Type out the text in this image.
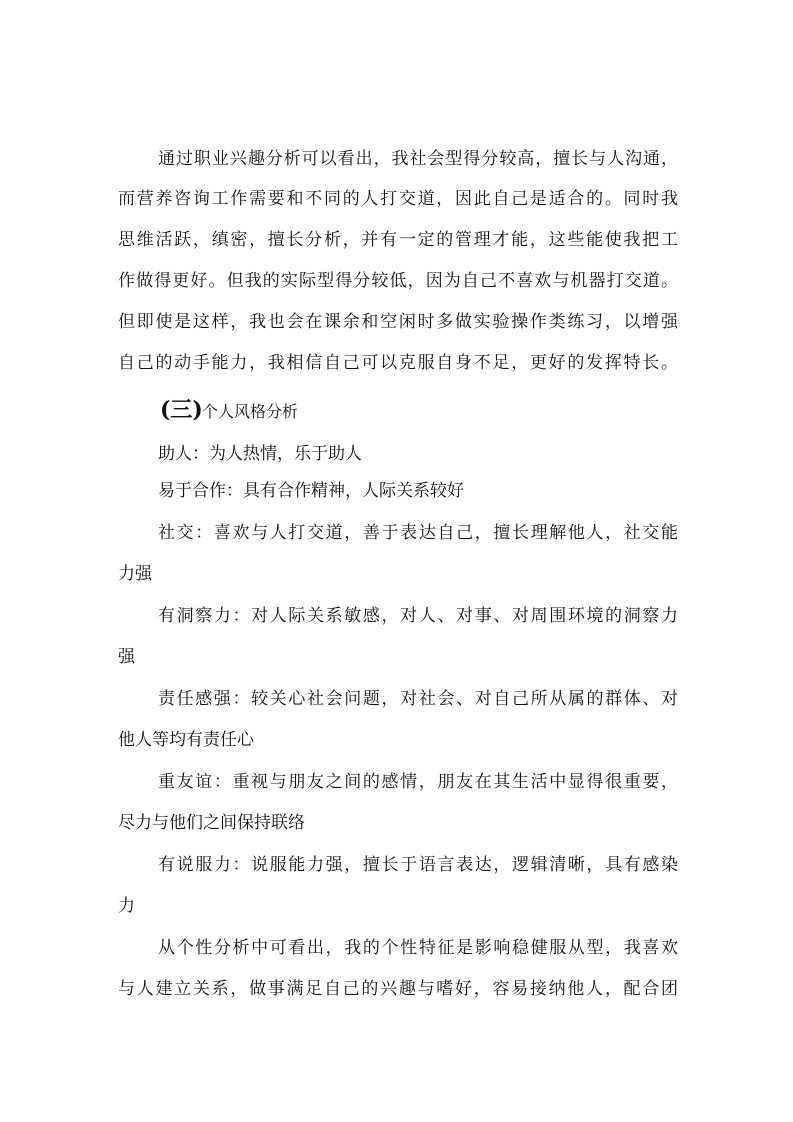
通过职业兴趣分析可以看出，我社会型得分较高，擅长与人沟通，
而营养咨询工作需要和不同的人打交道，因此自己是适合的。同时我
思维活跃，缜密，擅长分析，并有一定的管理才能，这些能使我把工
作做得更好。但我的实际型得分较低，因为自己不喜欢与机器打交道。
但即使是这样，我也会在课余和空闲时多做实验操作类练习，以增强
自己的动手能力，我相信自己可以克服自身不足，更好的发挥特长。
(三) 个人风格分析
助人：为人热情，乐于助人
易于合作：具有合作精神，人际关系较好
社交：喜欢与人打交道，善于表达自己，擅长理解他人，社交能
力强
有洞察力：对人际关系敏感，对人、对事、对周围环境的洞察力
强
责任感强：较关心社会问题，对社会、对自己所从属的群体、对
他人等均有责任心
重友谊：重视与朋友之间的感情，朋友在其生活中显得很重要，
尽力与他们之间保持联络
有说服力：说服能力强，擅长于语言表达，逻辑清晰，具有感染
力
从个性分析中可看出，我的个性特征是影响稳健服从型，我喜欢
与人建立关系，做事满足自己的兴趣与嗜好，容易接纳他人，配合团
